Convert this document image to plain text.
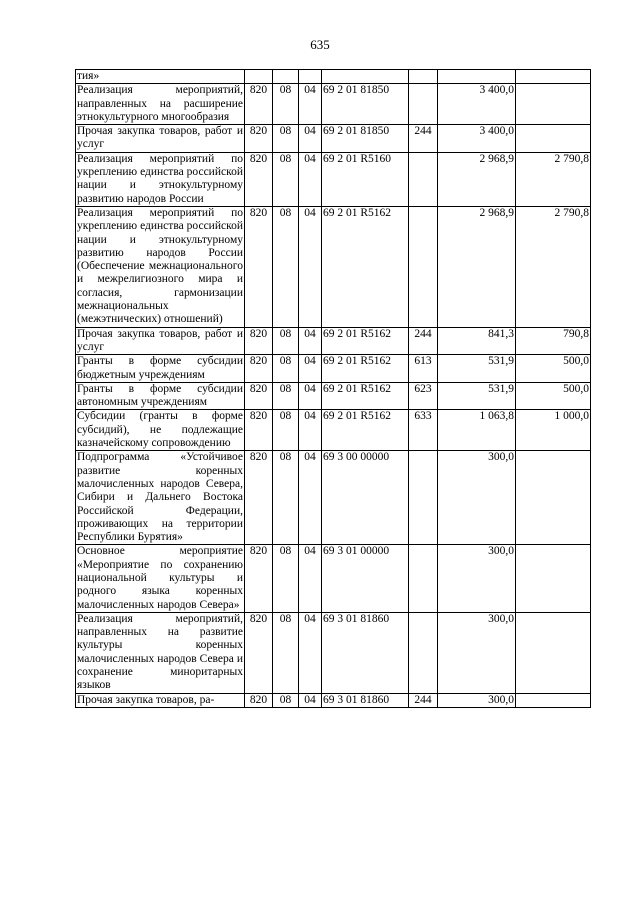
635
тия»							
Реализация мероприятий, направленных на расширение этнокультурного многообразия	820	08	04	69 2 01 81850		3 400,0	
Прочая закупка товаров, работ и услуг	820	08	04	69 2 01 81850	244	3 400,0	
Реализация мероприятий по укреплению единства российской нации и этнокультурному развитию народов России	820	08	04	69 2 01 R5160		2 968,9	2 790,8
Реализация мероприятий по укреплению единства российской нации и этнокультурному развитию народов России (Обеспечение межнационального и межрелигиозного мира и согласия, гармонизации межнациональных (межэтнических) отношений)	820	08	04	69 2 01 R5162		2 968,9	2 790,8
Прочая закупка товаров, работ и услуг	820	08	04	69 2 01 R5162	244	841,3	790,8
Гранты в форме субсидии бюджетным учреждениям	820	08	04	69 2 01 R5162	613	531,9	500,0
Гранты в форме субсидии автономным учреждениям	820	08	04	69 2 01 R5162	623	531,9	500,0
Субсидии (гранты в форме субсидий), не подлежащие казначейскому сопровождению	820	08	04	69 2 01 R5162	633	1 063,8	1 000,0
Подпрограмма «Устойчивое развитие коренных малочисленных народов Севера, Сибири и Дальнего Востока Российской Федерации, проживающих на территории Республики Бурятия»	820	08	04	69 3 00 00000		300,0	
Основное мероприятие «Мероприятие по сохранению национальной культуры и родного языка коренных малочисленных народов Севера»	820	08	04	69 3 01 00000		300,0	
Реализация мероприятий, направленных на развитие культуры коренных малочисленных народов Севера и сохранение миноритарных языков	820	08	04	69 3 01 81860		300,0	
Прочая закупка товаров, ра-	820	08	04	69 3 01 81860	244	300,0	
